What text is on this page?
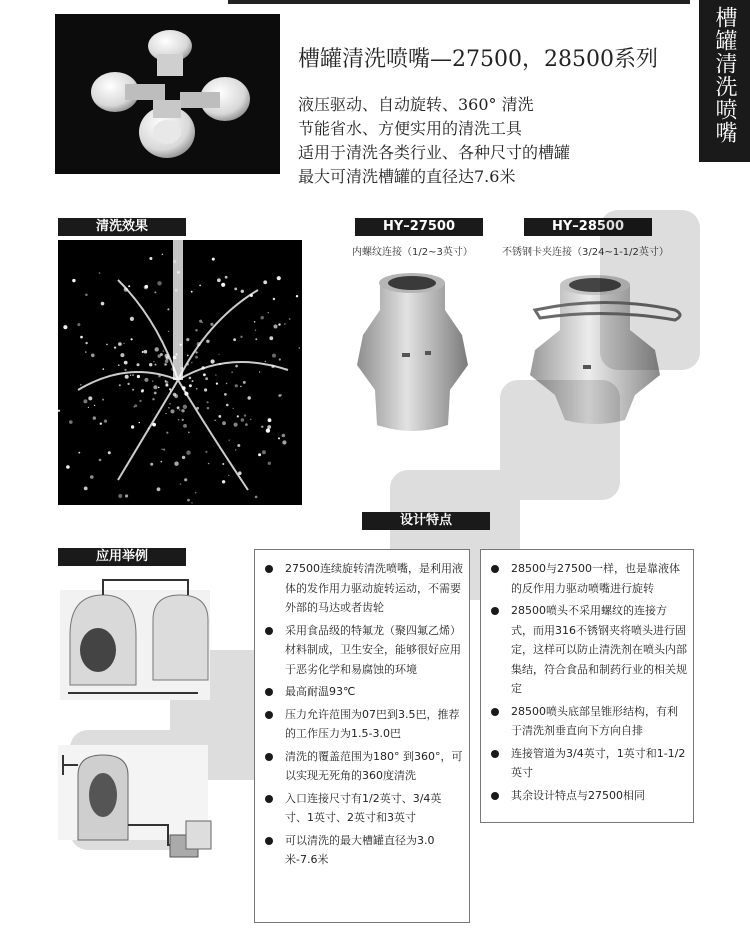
槽罐清洗喷嘴
槽罐清洗喷嘴—27500，28500系列
液压驱动、自动旋转、360° 清洗
节能省水、方便实用的清洗工具
适用于清洗各类行业、各种尺寸的槽罐
最大可清洗槽罐的直径达7.6米
清洗效果	HY–27500	HY–28500
内螺纹连接（1/2~3英寸）	不锈钢卡夹连接（3/24~1-1/2英寸）
设计特点
应用举例
27500连续旋转清洗喷嘴，是利用液体的发作用力驱动旋转运动，不需要外部的马达或者齿轮
采用食品级的特氟龙（聚四氟乙烯）材料制成，卫生安全，能够很好应用于恶劣化学和易腐蚀的环境
最高耐温93℃
压力允许范围为07巴到3.5巴，推荐的工作压力为1.5-3.0巴
清洗的覆盖范围为180° 到360°，可以实现无死角的360度清洗
入口连接尺寸有1/2英寸、3/4英寸、1英寸、2英寸和3英寸
可以清洗的最大槽罐直径为3.0米-7.6米
28500与27500一样，也是靠液体的反作用力驱动喷嘴进行旋转
28500喷头不采用螺纹的连接方式，而用316不锈钢夹将喷头进行固定，这样可以防止清洗剂在喷头内部集结，符合食品和制药行业的相关规定
28500喷头底部呈锥形结构，有利于清洗剂垂直向下方向自排
连接管道为3/4英寸，1英寸和1-1/2英寸
其余设计特点与27500相同
